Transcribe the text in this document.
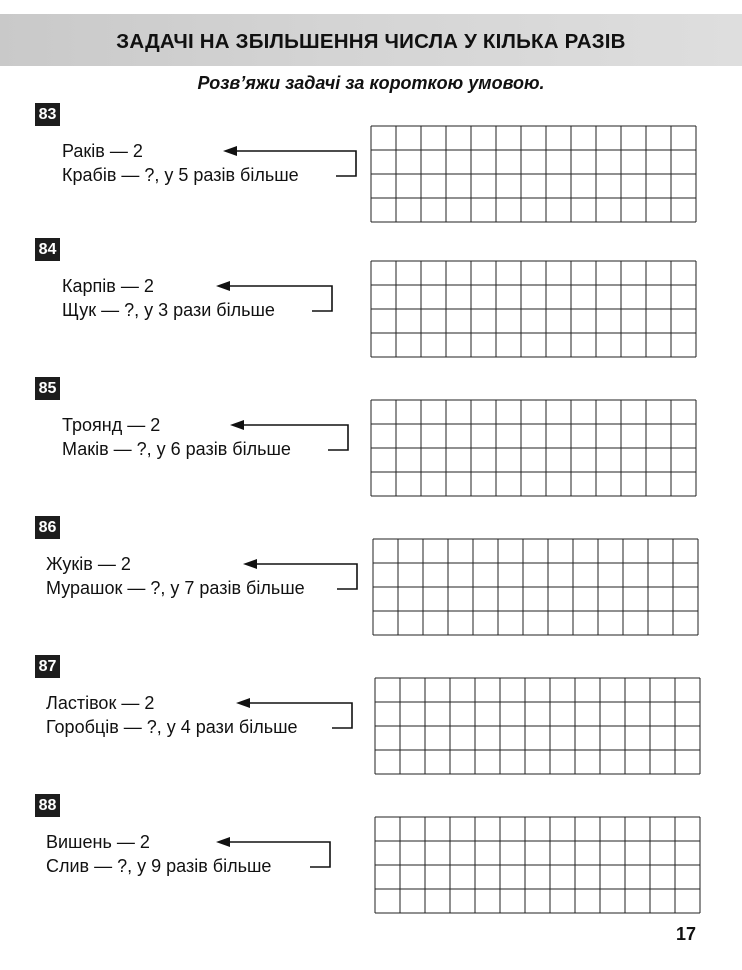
ЗАДАЧІ НА ЗБІЛЬШЕННЯ ЧИСЛА У КІЛЬКА РАЗІВ
Розв’яжи задачі за короткою умовою.
83
Раків — 2
Крабів — ?, у 5 разів більше
84
Карпів — 2
Щук — ?, у 3 рази більше
85
Троянд — 2
Маків — ?, у 6 разів більше
86
Жуків — 2
Мурашок — ?, у 7 разів більше
87
Ластівок — 2
Горобців — ?, у 4 рази більше
88
Вишень — 2
Слив — ?, у 9 разів більше
17
